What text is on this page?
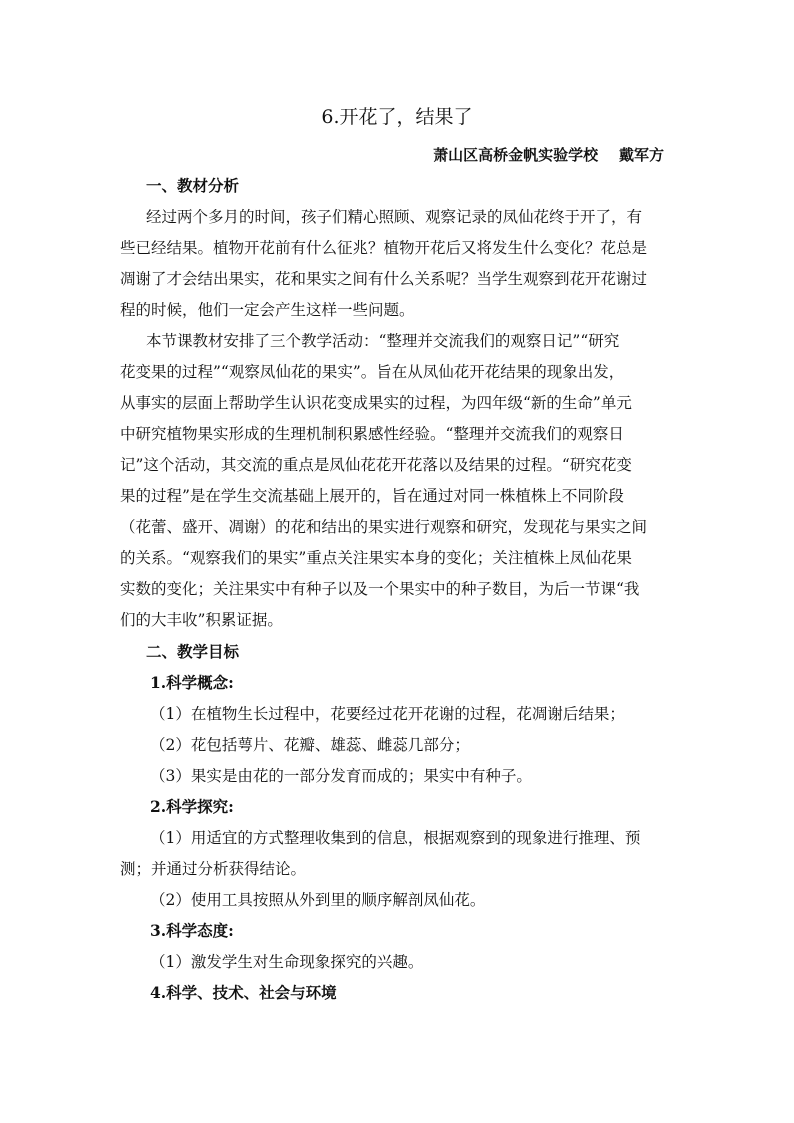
6.开花了，结果了
萧山区高桥金帆实验学校    戴军方
一、教材分析
经过两个多月的时间，孩子们精心照顾、观察记录的凤仙花终于开了，有
些已经结果。植物开花前有什么征兆？植物开花后又将发生什么变化？花总是
凋谢了才会结出果实，花和果实之间有什么关系呢？当学生观察到花开花谢过
程的时候，他们一定会产生这样一些问题。
本节课教材安排了三个教学活动：“整理并交流我们的观察日记”“研究
花变果的过程”“观察凤仙花的果实”。旨在从凤仙花开花结果的现象出发，
从事实的层面上帮助学生认识花变成果实的过程，为四年级“新的生命”单元
中研究植物果实形成的生理机制积累感性经验。“整理并交流我们的观察日
记”这个活动，其交流的重点是凤仙花花开花落以及结果的过程。“研究花变
果的过程”是在学生交流基础上展开的，旨在通过对同一株植株上不同阶段
（花蕾、盛开、凋谢）的花和结出的果实进行观察和研究，发现花与果实之间
的关系。“观察我们的果实”重点关注果实本身的变化；关注植株上凤仙花果
实数的变化；关注果实中有种子以及一个果实中的种子数目，为后一节课“我
们的大丰收”积累证据。
二、教学目标
1.科学概念:
（1）在植物生长过程中，花要经过花开花谢的过程，花凋谢后结果；
（2）花包括萼片、花瓣、雄蕊、雌蕊几部分；
（3）果实是由花的一部分发育而成的；果实中有种子。
2.科学探究:
（1）用适宜的方式整理收集到的信息，根据观察到的现象进行推理、预
测；并通过分析获得结论。
（2）使用工具按照从外到里的顺序解剖凤仙花。
3.科学态度:
（1）激发学生对生命现象探究的兴趣。
4.科学、技术、社会与环境
